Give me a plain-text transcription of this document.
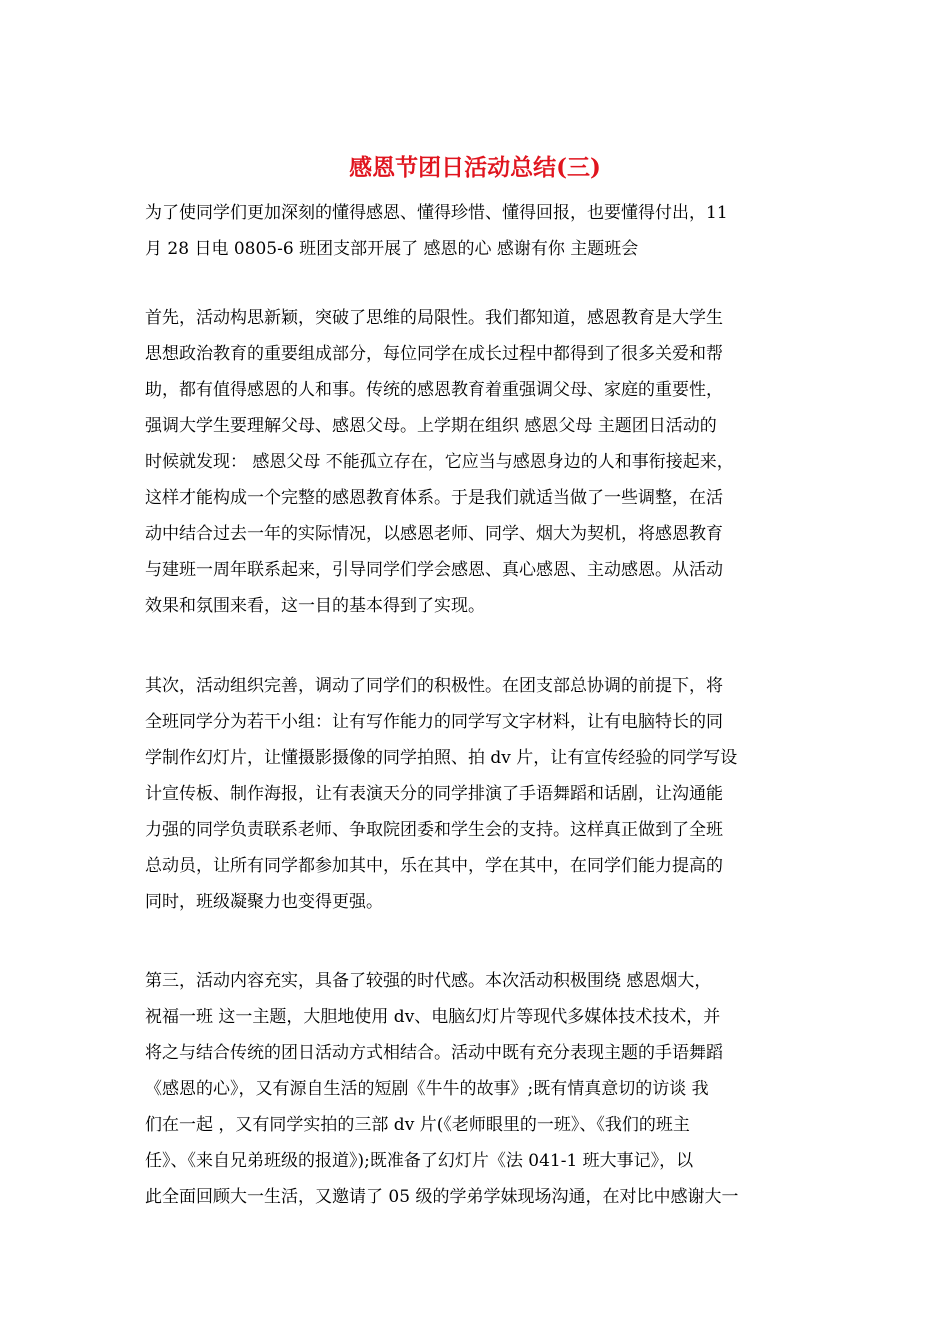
感恩节团日活动总结(三)
为了使同学们更加深刻的懂得感恩、懂得珍惜、懂得回报，也要懂得付出，11
月 28 日电 0805-6 班团支部开展了 感恩的心 感谢有你 主题班会
首先，活动构思新颖，突破了思维的局限性。我们都知道，感恩教育是大学生
思想政治教育的重要组成部分，每位同学在成长过程中都得到了很多关爱和帮
助，都有值得感恩的人和事。传统的感恩教育着重强调父母、家庭的重要性，
强调大学生要理解父母、感恩父母。上学期在组织 感恩父母 主题团日活动的
时候就发现： 感恩父母 不能孤立存在，它应当与感恩身边的人和事衔接起来，
这样才能构成一个完整的感恩教育体系。于是我们就适当做了一些调整，在活
动中结合过去一年的实际情况，以感恩老师、同学、烟大为契机，将感恩教育
与建班一周年联系起来，引导同学们学会感恩、真心感恩、主动感恩。从活动
效果和氛围来看，这一目的基本得到了实现。
其次，活动组织完善，调动了同学们的积极性。在团支部总协调的前提下，将
全班同学分为若干小组：让有写作能力的同学写文字材料，让有电脑特长的同
学制作幻灯片，让懂摄影摄像的同学拍照、拍 dv 片，让有宣传经验的同学写设
计宣传板、制作海报，让有表演天分的同学排演了手语舞蹈和话剧，让沟通能
力强的同学负责联系老师、争取院团委和学生会的支持。这样真正做到了全班
总动员，让所有同学都参加其中，乐在其中，学在其中，在同学们能力提高的
同时，班级凝聚力也变得更强。
第三，活动内容充实，具备了较强的时代感。本次活动积极围绕 感恩烟大，
祝福一班 这一主题，大胆地使用 dv、电脑幻灯片等现代多媒体技术技术，并
将之与结合传统的团日活动方式相结合。活动中既有充分表现主题的手语舞蹈
《感恩的心》，又有源自生活的短剧《牛牛的故事》;既有情真意切的访谈 我
们在一起 ，又有同学实拍的三部 dv 片(《老师眼里的一班》、《我们的班主
任》、《来自兄弟班级的报道》);既准备了幻灯片《法 041-1 班大事记》，以
此全面回顾大一生活，又邀请了 05 级的学弟学妹现场沟通，在对比中感谢大一
